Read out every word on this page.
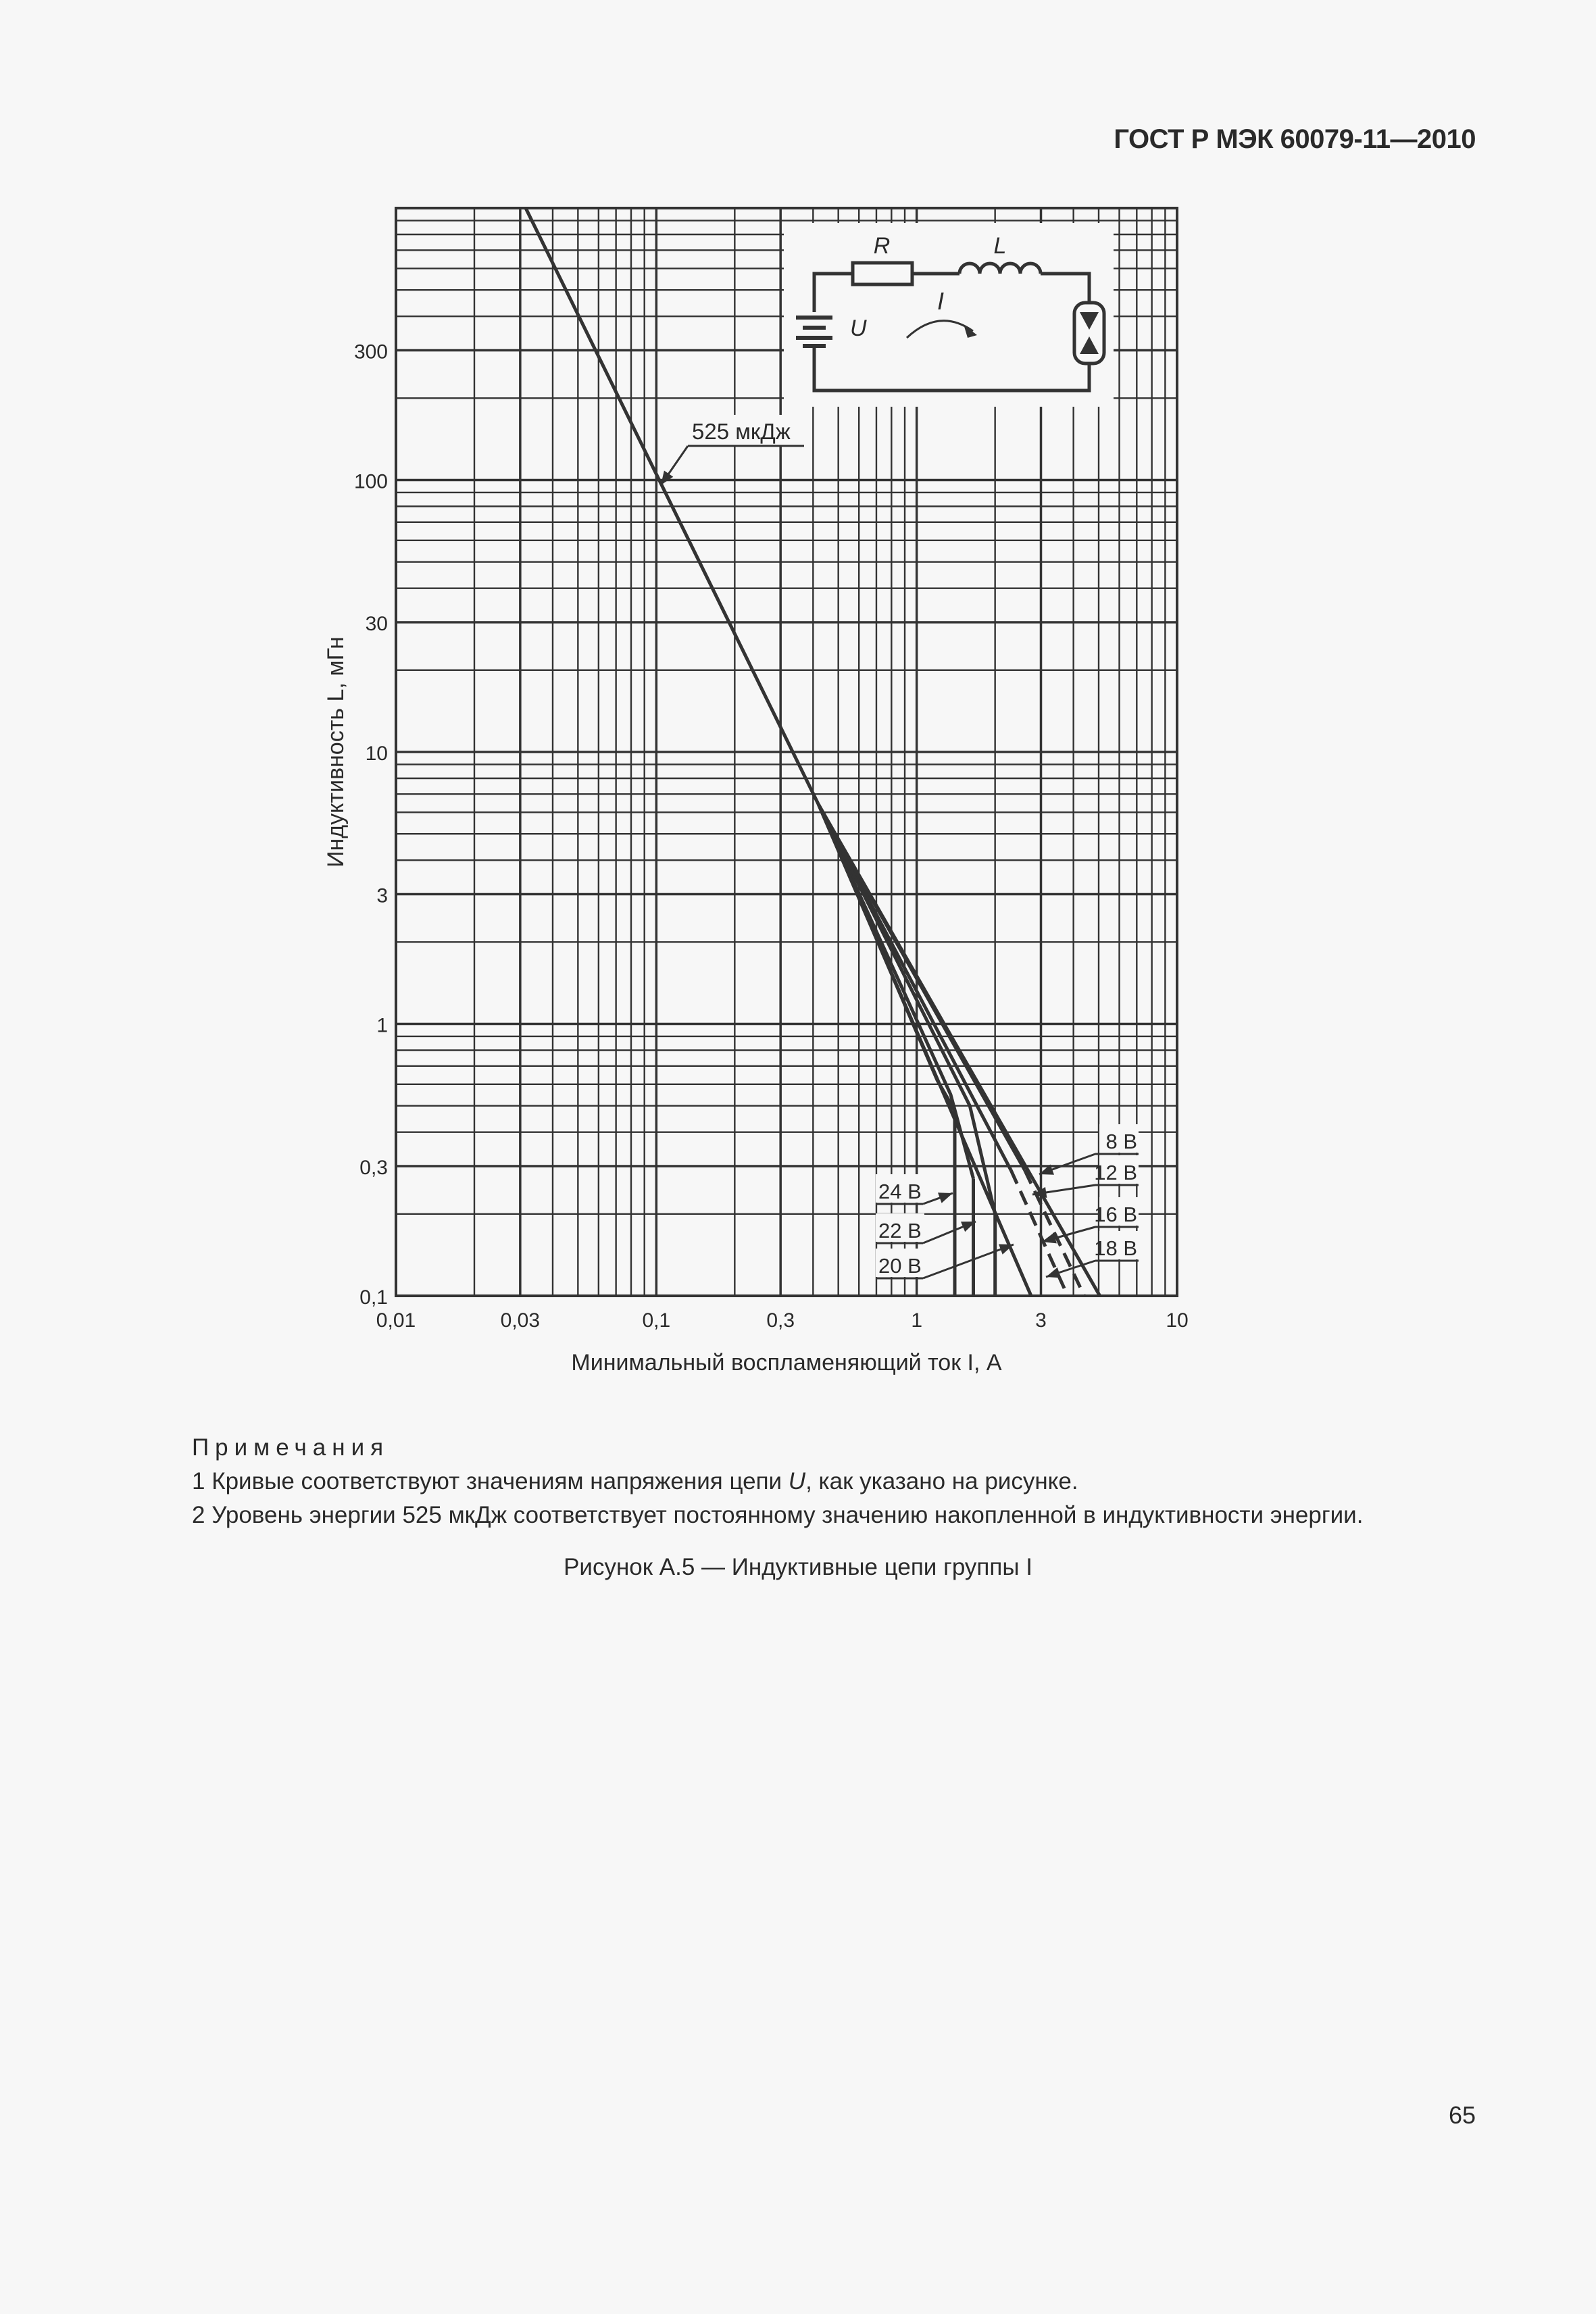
ГОСТ Р МЭК 60079-11—2010

R	L
I
U
525 мкДж
8 В
12 В
16 В
18 В
24 В
22 В
20 В
0,01	0,03	0,1	0,3	1	3	10
0,1
0,3
1
3
10
30
100
300
Минимальный воспламеняющий ток I, А
Индуктивность L, мГн
Примечания
1 Кривые соответствуют значениям напряжения цепи U, как указано на рисунке.
2 Уровень энергии 525 мкДж соответствует постоянному значению накопленной в индуктивности энергии.
Рисунок А.5 — Индуктивные цепи группы I
65
